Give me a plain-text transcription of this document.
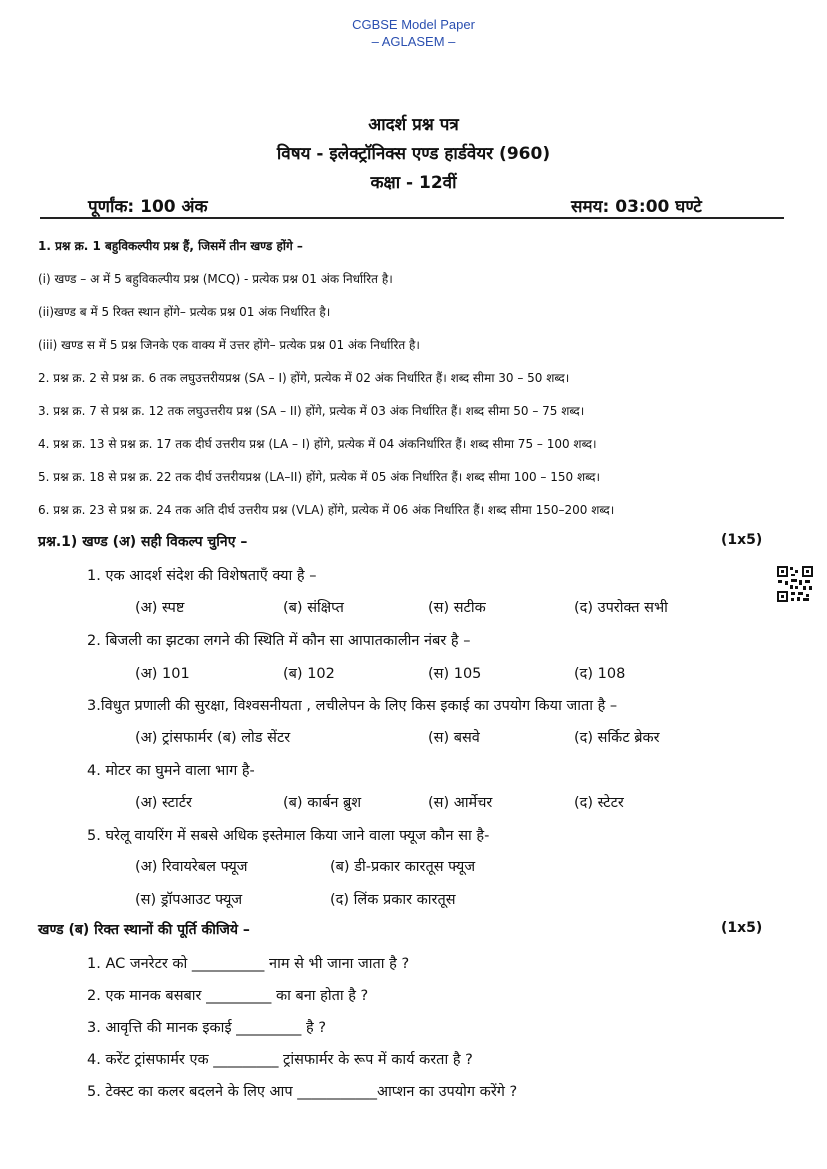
CGBSE Model Paper
– AGLASEM –
आदर्श प्रश्न पत्र
विषय - इलेक्ट्रॉनिक्स एण्ड हार्डवेयर (960)
कक्षा - 12वीं
पूर्णांक: 100 अंक	समय: 03:00 घण्टे
1. प्रश्न क्र. 1 बहुविकल्पीय प्रश्न हैं, जिसमें तीन खण्ड होंगे –
(i) खण्ड – अ में 5 बहुविकल्पीय प्रश्न (MCQ) - प्रत्येक प्रश्न 01 अंक निर्धारित है।
(ii)खण्ड ब में 5 रिक्त स्थान होंगे– प्रत्येक प्रश्न 01 अंक निर्धारित है।
(iii) खण्ड स में 5 प्रश्न जिनके एक वाक्य में उत्तर होंगे– प्रत्येक प्रश्न 01 अंक निर्धारित है।
2. प्रश्न क्र. 2 से प्रश्न क्र. 6 तक लघुउत्तरीयप्रश्न (SA – I) होंगे, प्रत्येक में 02 अंक निर्धारित हैं। शब्द सीमा 30 – 50 शब्द।
3. प्रश्न क्र. 7 से प्रश्न क्र. 12 तक लघुउत्तरीय प्रश्न (SA – II) होंगे, प्रत्येक में 03 अंक निर्धारित हैं। शब्द सीमा 50 – 75 शब्द।
4. प्रश्न क्र. 13 से प्रश्न क्र. 17 तक दीर्घ उत्तरीय प्रश्न (LA – I) होंगे, प्रत्येक में 04 अंकनिर्धारित हैं। शब्द सीमा 75 – 100 शब्द।
5. प्रश्न क्र. 18 से प्रश्न क्र. 22 तक दीर्घ उत्तरीयप्रश्न (LA–II) होंगे, प्रत्येक में 05 अंक निर्धारित हैं। शब्द सीमा 100 – 150 शब्द।
6. प्रश्न क्र. 23 से प्रश्न क्र. 24 तक अति दीर्घ उत्तरीय प्रश्न (VLA) होंगे, प्रत्येक में 06 अंक निर्धारित हैं। शब्द सीमा 150–200 शब्द।
प्रश्न.1) खण्ड (अ) सही विकल्प चुनिए –	(1x5)
1. एक आदर्श संदेश की विशेषताएँ क्या है –
(अ) स्पष्ट	(ब) संक्षिप्त	(स) सटीक	(द) उपरोक्त सभी
2. बिजली का झटका लगने की स्थिति में कौन सा आपातकालीन नंबर है –
(अ) 101	(ब) 102	(स) 105	(द) 108
3.विधुत प्रणाली की सुरक्षा, विश्वसनीयता , लचीलेपन के लिए किस इकाई का उपयोग किया जाता है –
(अ) ट्रांसफार्मर (ब) लोड सेंटर	(स) बसवे	(द) सर्किट ब्रेकर
4. मोटर का घुमने वाला भाग है-
(अ) स्टार्टर	(ब) कार्बन ब्रुश	(स) आर्मेचर	(द) स्टेटर
5. घरेलू वायरिंग में सबसे अधिक इस्तेमाल किया जाने वाला फ्यूज कौन सा है-
(अ) रिवायरेबल फ्यूज	(ब) डी-प्रकार कारतूस फ्यूज
(स) ड्रॉपआउट फ्यूज	(द) लिंक प्रकार कारतूस
खण्ड (ब) रिक्त स्थानों की पूर्ति कीजिये –	(1x5)
1. AC जनरेटर को __________ नाम से भी जाना जाता है ?
2. एक मानक बसबार _________ का बना होता है ?
3. आवृत्ति की मानक इकाई _________ है ?
4. करेंट ट्रांसफार्मर एक _________ ट्रांसफार्मर के रूप में कार्य करता है ?
5. टेक्स्ट का कलर बदलने के लिए आप ___________आप्शन का उपयोग करेंगे ?
